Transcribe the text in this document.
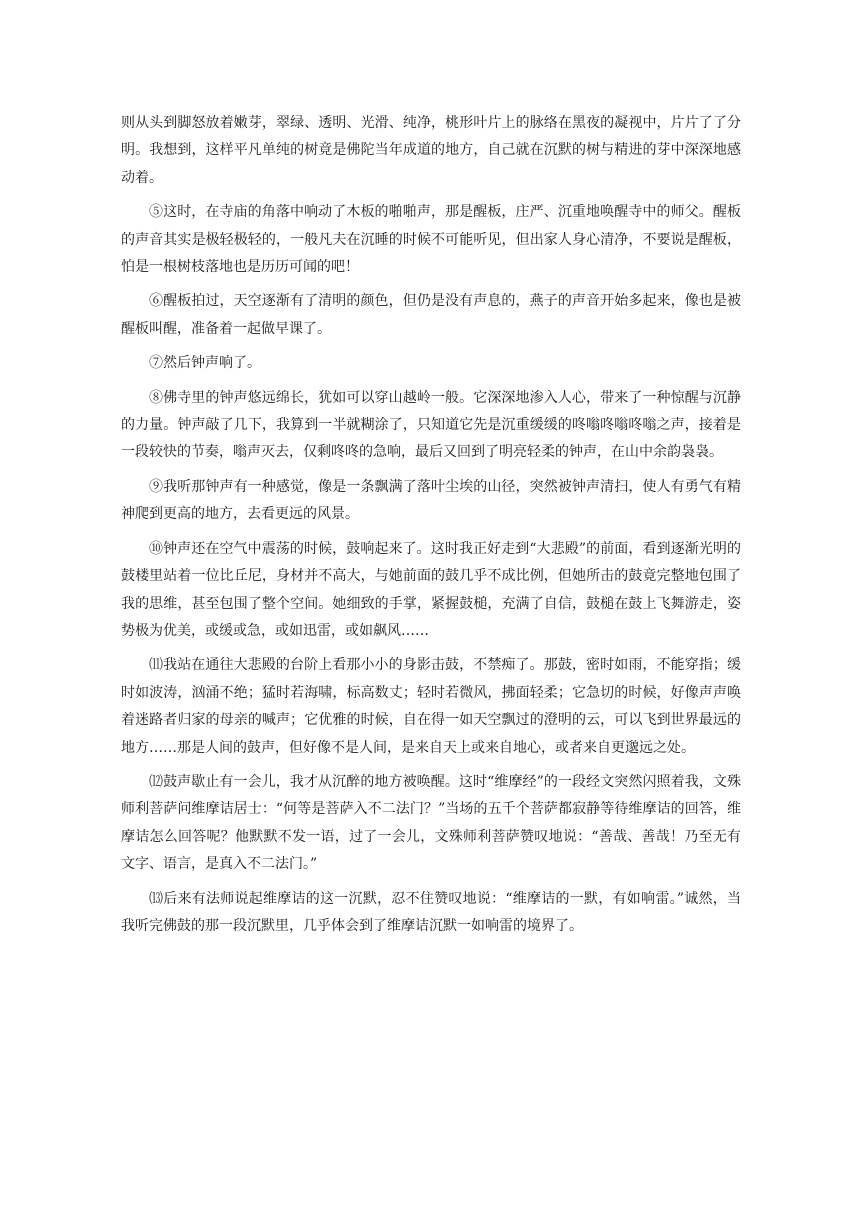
则从头到脚怒放着嫩芽，翠绿、透明、光滑、纯净，桃形叶片上的脉络在黑夜的凝视中，片片了了分明。我想到，这样平凡单纯的树竟是佛陀当年成道的地方，自己就在沉默的树与精进的芽中深深地感动着。

⑤这时，在寺庙的角落中响动了木板的啪啪声，那是醒板，庄严、沉重地唤醒寺中的师父。醒板的声音其实是极轻极轻的，一般凡夫在沉睡的时候不可能听见，但出家人身心清净，不要说是醒板，怕是一根树枝落地也是历历可闻的吧！

⑥醒板拍过，天空逐渐有了清明的颜色，但仍是没有声息的，燕子的声音开始多起来，像也是被醒板叫醒，准备着一起做早课了。

⑦然后钟声响了。

⑧佛寺里的钟声悠远绵长，犹如可以穿山越岭一般。它深深地渗入人心，带来了一种惊醒与沉静的力量。钟声敲了几下，我算到一半就糊涂了，只知道它先是沉重缓缓的咚嗡咚嗡咚嗡之声，接着是一段较快的节奏，嗡声灭去，仅剩咚咚的急响，最后又回到了明亮轻柔的钟声，在山中余韵袅袅。

⑨我听那钟声有一种感觉，像是一条飘满了落叶尘埃的山径，突然被钟声清扫，使人有勇气有精神爬到更高的地方，去看更远的风景。

⑩钟声还在空气中震荡的时候，鼓响起来了。这时我正好走到“大悲殿”的前面，看到逐渐光明的鼓楼里站着一位比丘尼，身材并不高大，与她前面的鼓几乎不成比例，但她所击的鼓竟完整地包围了我的思维，甚至包围了整个空间。她细致的手掌，紧握鼓槌，充满了自信，鼓槌在鼓上飞舞游走，姿势极为优美，或缓或急，或如迅雷，或如飙风……

⑾我站在通往大悲殿的台阶上看那小小的身影击鼓，不禁痴了。那鼓，密时如雨，不能穿指；缓时如波涛，汹涌不绝；猛时若海啸，标高数丈；轻时若微风，拂面轻柔；它急切的时候，好像声声唤着迷路者归家的母亲的喊声；它优雅的时候，自在得一如天空飘过的澄明的云，可以飞到世界最远的地方……那是人间的鼓声，但好像不是人间，是来自天上或来自地心，或者来自更邈远之处。

⑿鼓声歇止有一会儿，我才从沉醉的地方被唤醒。这时“维摩经”的一段经文突然闪照着我，文殊师利菩萨问维摩诘居士：“何等是菩萨入不二法门？”当场的五千个菩萨都寂静等待维摩诘的回答，维摩诘怎么回答呢？他默默不发一语，过了一会儿，文殊师利菩萨赞叹地说：“善哉、善哉！乃至无有文字、语言，是真入不二法门。”

⒀后来有法师说起维摩诘的这一沉默，忍不住赞叹地说：“维摩诘的一默，有如响雷。”诚然，当我听完佛鼓的那一段沉默里，几乎体会到了维摩诘沉默一如响雷的境界了。
